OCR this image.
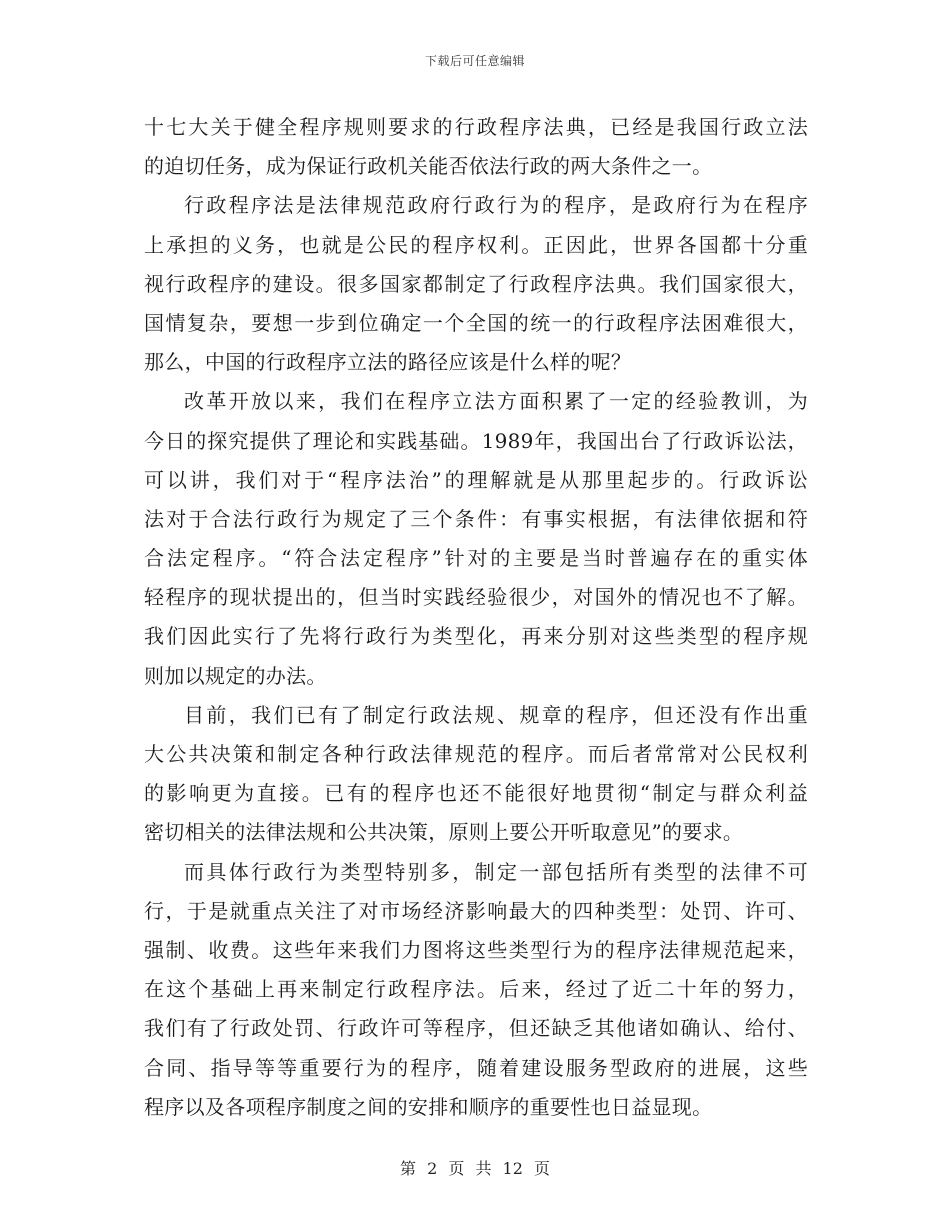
下载后可任意编辑
十七大关于健全程序规则要求的行政程序法典，已经是我国行政立法
的迫切任务，成为保证行政机关能否依法行政的两大条件之一。
行政程序法是法律规范政府行政行为的程序，是政府行为在程序
上承担的义务，也就是公民的程序权利。正因此，世界各国都十分重
视行政程序的建设。很多国家都制定了行政程序法典。我们国家很大，
国情复杂，要想一步到位确定一个全国的统一的行政程序法困难很大，
那么，中国的行政程序立法的路径应该是什么样的呢？
改革开放以来，我们在程序立法方面积累了一定的经验教训，为
今日的探究提供了理论和实践基础。1989年，我国出台了行政诉讼法，
可以讲，我们对于“程序法治”的理解就是从那里起步的。行政诉讼
法对于合法行政行为规定了三个条件：有事实根据，有法律依据和符
合法定程序。“符合法定程序”针对的主要是当时普遍存在的重实体
轻程序的现状提出的，但当时实践经验很少，对国外的情况也不了解。
我们因此实行了先将行政行为类型化，再来分别对这些类型的程序规
则加以规定的办法。
目前，我们已有了制定行政法规、规章的程序，但还没有作出重
大公共决策和制定各种行政法律规范的程序。而后者常常对公民权利
的影响更为直接。已有的程序也还不能很好地贯彻“制定与群众利益
密切相关的法律法规和公共决策，原则上要公开听取意见”的要求。
而具体行政行为类型特别多，制定一部包括所有类型的法律不可
行，于是就重点关注了对市场经济影响最大的四种类型：处罚、许可、
强制、收费。这些年来我们力图将这些类型行为的程序法律规范起来，
在这个基础上再来制定行政程序法。后来，经过了近二十年的努力，
我们有了行政处罚、行政许可等程序，但还缺乏其他诸如确认、给付、
合同、指导等等重要行为的程序，随着建设服务型政府的进展，这些
程序以及各项程序制度之间的安排和顺序的重要性也日益显现。
第 2 页 共 12 页
